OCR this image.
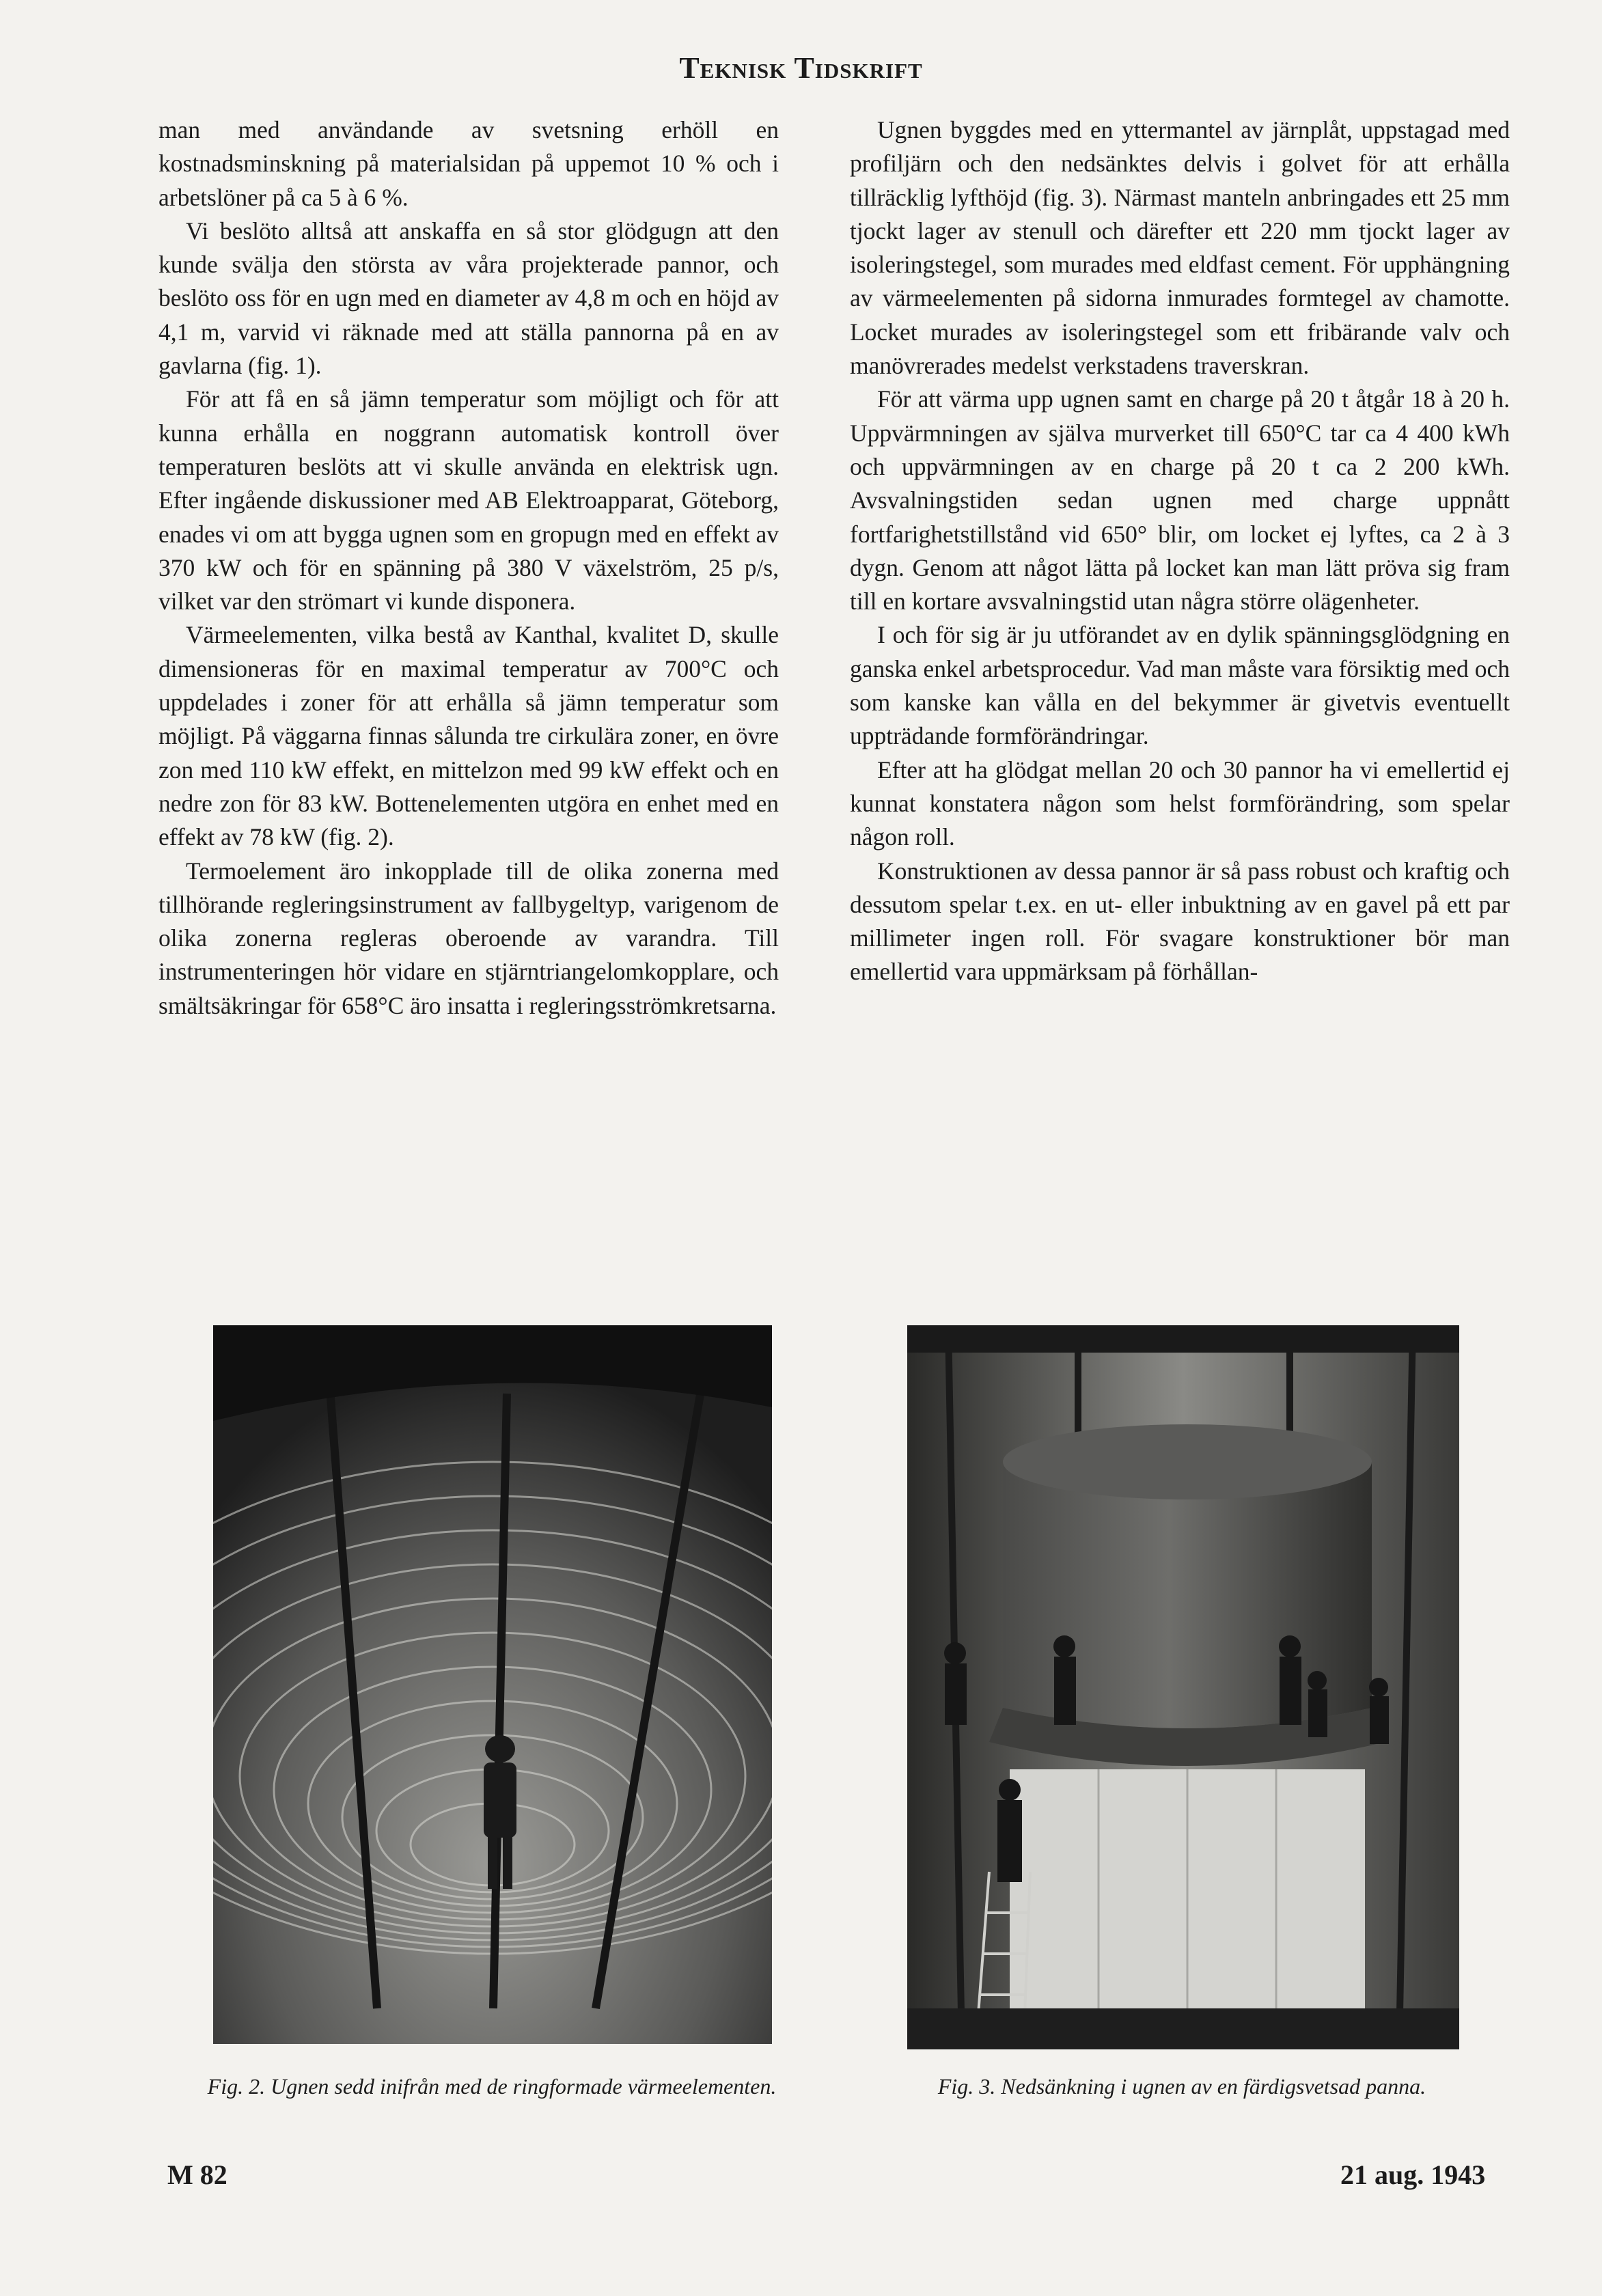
Teknisk Tidskrift

man med användande av svetsning erhöll en kostnadsminskning på materialsidan på uppemot 10 % och i arbetslöner på ca 5 à 6 %.

Vi beslöto alltså att anskaffa en så stor glödgugn att den kunde svälja den största av våra projekterade pannor, och beslöto oss för en ugn med en diameter av 4,8 m och en höjd av 4,1 m, varvid vi räknade med att ställa pannorna på en av gavlarna (fig. 1).

För att få en så jämn temperatur som möjligt och för att kunna erhålla en noggrann automatisk kontroll över temperaturen beslöts att vi skulle använda en elektrisk ugn. Efter ingående diskussioner med AB Elektroapparat, Göteborg, enades vi om att bygga ugnen som en gropugn med en effekt av 370 kW och för en spänning på 380 V växelström, 25 p/s, vilket var den strömart vi kunde disponera.

Värmeelementen, vilka bestå av Kanthal, kvalitet D, skulle dimensioneras för en maximal temperatur av 700°C och uppdelades i zoner för att erhålla så jämn temperatur som möjligt. På väggarna finnas sålunda tre cirkulära zoner, en övre zon med 110 kW effekt, en mittelzon med 99 kW effekt och en nedre zon för 83 kW. Bottenelementen utgöra en enhet med en effekt av 78 kW (fig. 2).

Termoelement äro inkopplade till de olika zonerna med tillhörande regleringsinstrument av fallbygeltyp, varigenom de olika zonerna regleras oberoende av varandra. Till instrumenteringen hör vidare en stjärntriangelomkopplare, och smältsäkringar för 658°C äro insatta i regleringsströmkretsarna.

Ugnen byggdes med en yttermantel av järnplåt, uppstagad med profiljärn och den nedsänktes delvis i golvet för att erhålla tillräcklig lyfthöjd (fig. 3). Närmast manteln anbringades ett 25 mm tjockt lager av stenull och därefter ett 220 mm tjockt lager av isoleringstegel, som murades med eldfast cement. För upphängning av värmeelementen på sidorna inmurades formtegel av chamotte. Locket murades av isoleringstegel som ett fribärande valv och manövrerades medelst verkstadens traverskran.

För att värma upp ugnen samt en charge på 20 t åtgår 18 à 20 h. Uppvärmningen av själva murverket till 650°C tar ca 4 400 kWh och uppvärmningen av en charge på 20 t ca 2 200 kWh. Avsvalningstiden sedan ugnen med charge uppnått fortfarighetstillstånd vid 650° blir, om locket ej lyftes, ca 2 à 3 dygn. Genom att något lätta på locket kan man lätt pröva sig fram till en kortare avsvalningstid utan några större olägenheter.

I och för sig är ju utförandet av en dylik spänningsglödgning en ganska enkel arbetsprocedur. Vad man måste vara försiktig med och som kanske kan vålla en del bekymmer är givetvis eventuellt uppträdande formförändringar.

Efter att ha glödgat mellan 20 och 30 pannor ha vi emellertid ej kunnat konstatera någon som helst formförändring, som spelar någon roll.

Konstruktionen av dessa pannor är så pass robust och kraftig och dessutom spelar t.ex. en ut- eller inbuktning av en gavel på ett par millimeter ingen roll. För svagare konstruktioner bör man emellertid vara uppmärksam på förhållan-

Fig. 2. Ugnen sedd inifrån med de ringformade värmeelementen.	Fig. 3. Nedsänkning i ugnen av en färdigsvetsad panna.
M 82	21 aug. 1943
